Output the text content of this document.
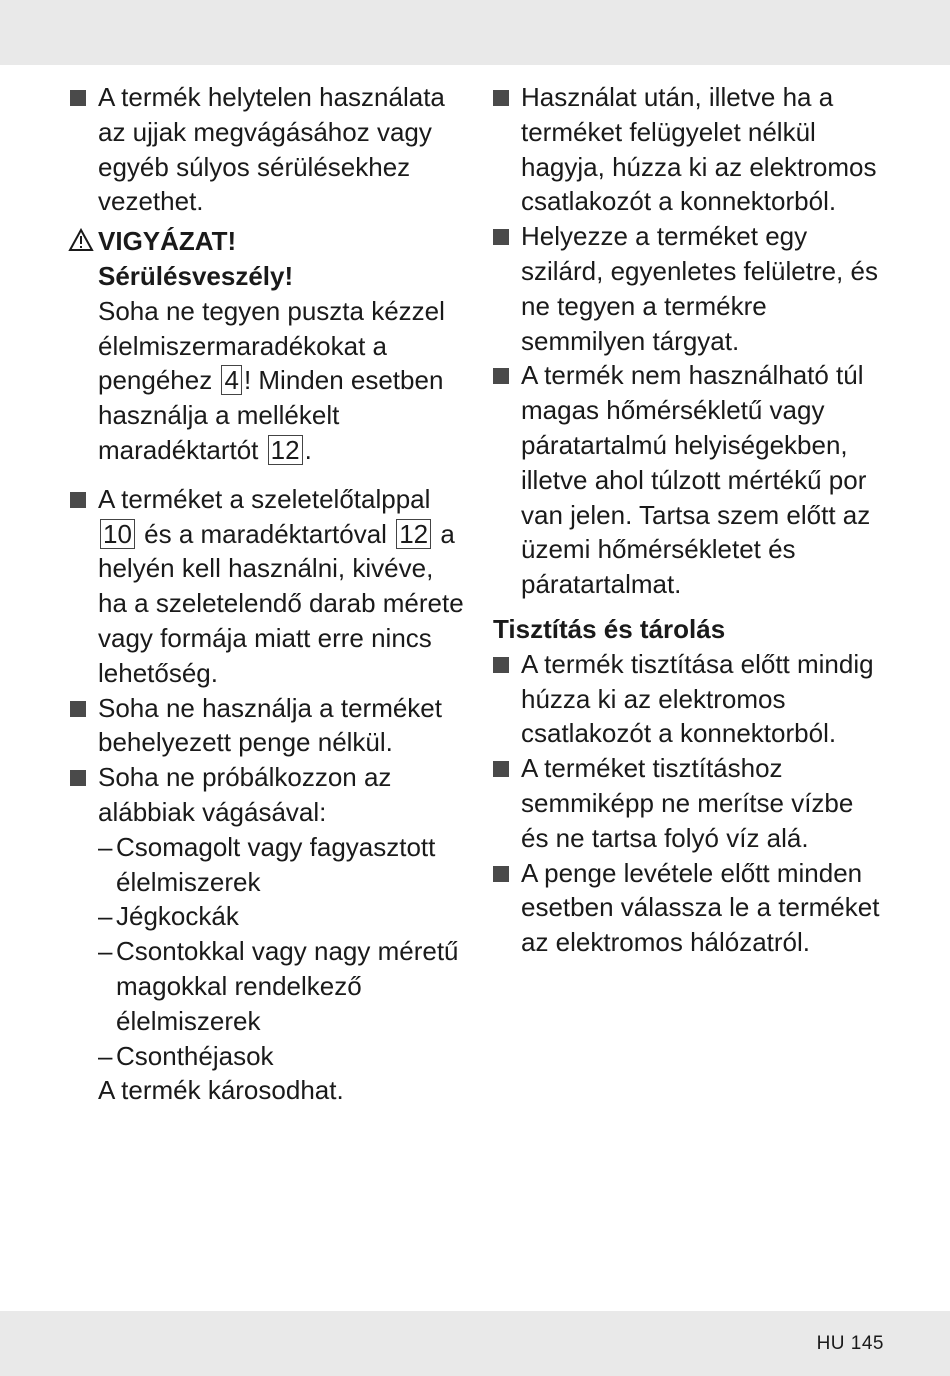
A termék helytelen használata az ujjak megvágásához vagy egyéb súlyos sérülésekhez vezethet.
VIGYÁZAT!
Sérülésveszély!
Soha ne tegyen puszta kézzel élelmiszermaradékokat a pengéhez 4 ! Minden esetben használja a mellékelt maradéktartót 12 .
A terméket a szeletelőtalppal 10 és a maradéktartóval 12 a helyén kell használni, kivéve, ha a szeletelendő darab mérete vagy formája miatt erre nincs lehetőség.
Soha ne használja a terméket behelyezett penge nélkül.
Soha ne próbálkozzon az alábbiak vágásával:
– Csomagolt vagy fagyasztott élelmiszerek
– Jégkockák
– Csontokkal vagy nagy méretű magokkal rendelkező élelmiszerek
– Csonthéjasok
A termék károsodhat.
Használat után, illetve ha a terméket felügyelet nélkül hagyja, húzza ki az elektromos csatlakozót a konnektorból.
Helyezze a terméket egy szilárd, egyenletes felületre, és ne tegyen a termékre semmilyen tárgyat.
A termék nem használható túl magas hőmérsékletű vagy páratartalmú helyiségekben, illetve ahol túlzott mértékű por van jelen. Tartsa szem előtt az üzemi hőmérsékletet és páratartalmat.
Tisztítás és tárolás
A termék tisztítása előtt mindig húzza ki az elektromos csatlakozót a konnektorból.
A terméket tisztításhoz semmiképp ne merítse vízbe és ne tartsa folyó víz alá.
A penge levétele előtt minden esetben válassza le a terméket az elektromos hálózatról.
HU 145
